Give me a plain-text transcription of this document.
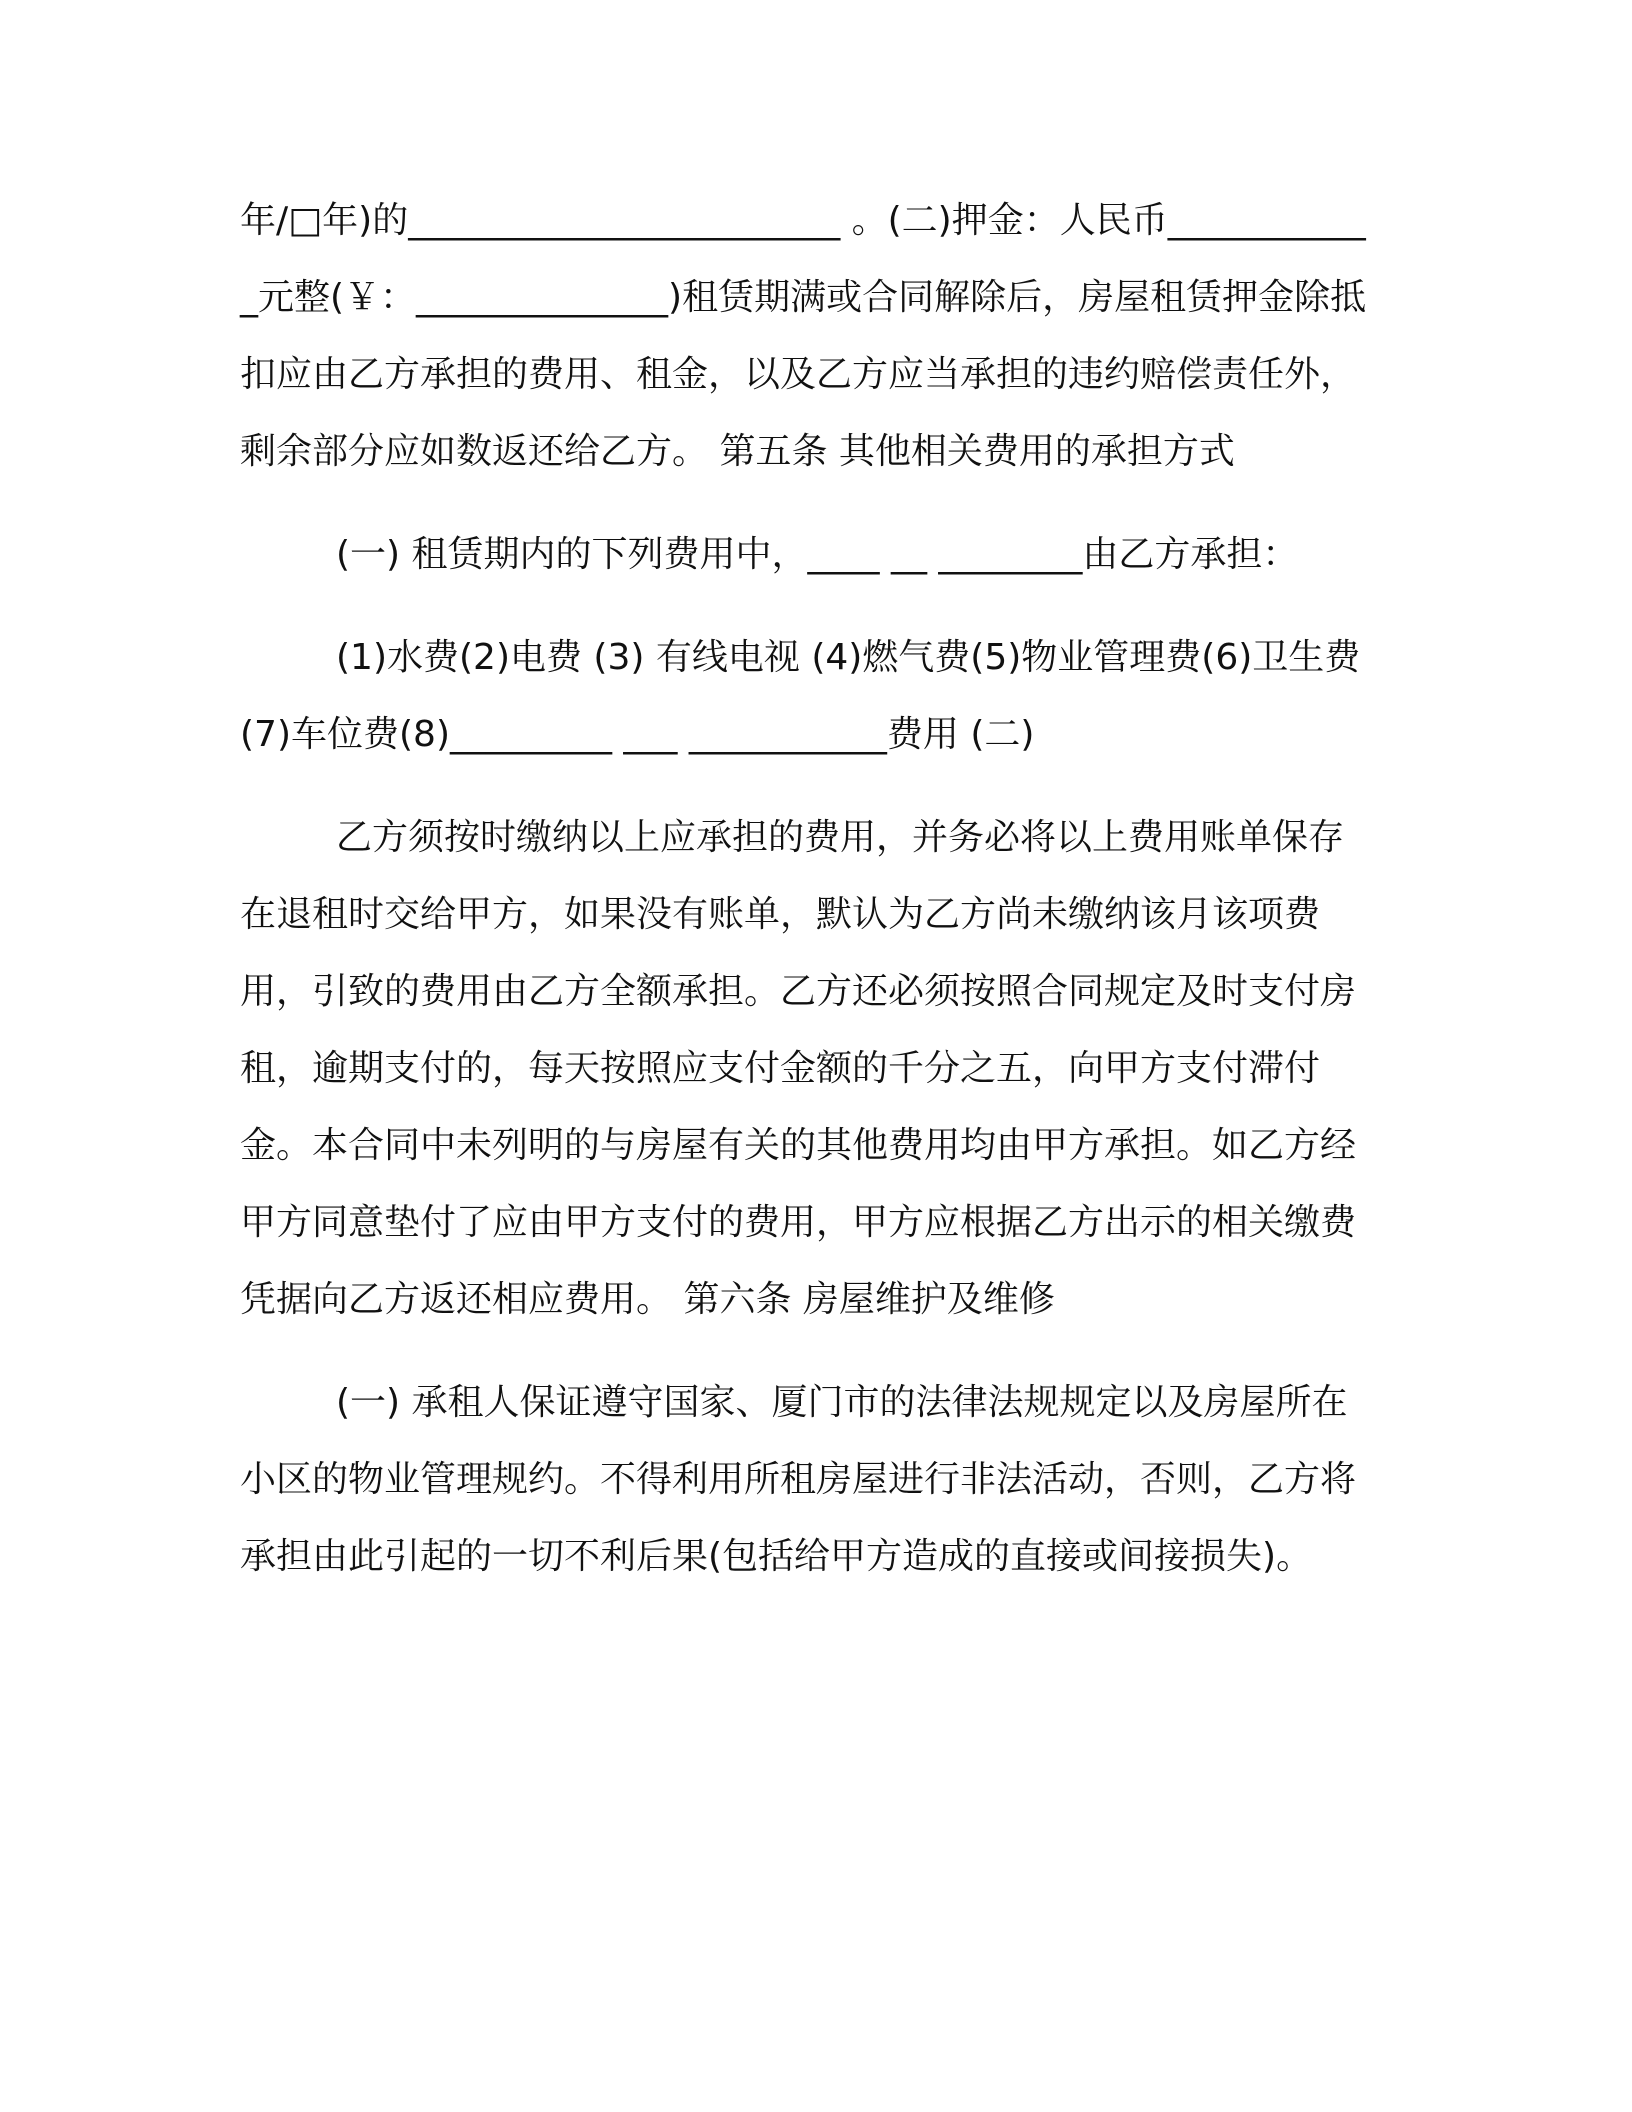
年/□年)的________________________ 。(二)押金：人民币___________ _元整(￥：______________)租赁期满或合同解除后，房屋租赁押金除抵扣应由乙方承担的费用、租金，以及乙方应当承担的违约赔偿责任外，剩余部分应如数返还给乙方。 第五条 其他相关费用的承担方式

(一) 租赁期内的下列费用中，____ __ ________由乙方承担：

(1)水费(2)电费 (3) 有线电视 (4)燃气费(5)物业管理费(6)卫生费(7)车位费(8)_________ ___ ___________费用 (二)

乙方须按时缴纳以上应承担的费用，并务必将以上费用账单保存在退租时交给甲方，如果没有账单，默认为乙方尚未缴纳该月该项费用，引致的费用由乙方全额承担。乙方还必须按照合同规定及时支付房租，逾期支付的，每天按照应支付金额的千分之五，向甲方支付滞付金。本合同中未列明的与房屋有关的其他费用均由甲方承担。如乙方经甲方同意垫付了应由甲方支付的费用，甲方应根据乙方出示的相关缴费凭据向乙方返还相应费用。 第六条 房屋维护及维修

(一) 承租人保证遵守国家、厦门市的法律法规规定以及房屋所在小区的物业管理规约。不得利用所租房屋进行非法活动，否则，乙方将承担由此引起的一切不利后果(包括给甲方造成的直接或间接损失)。
